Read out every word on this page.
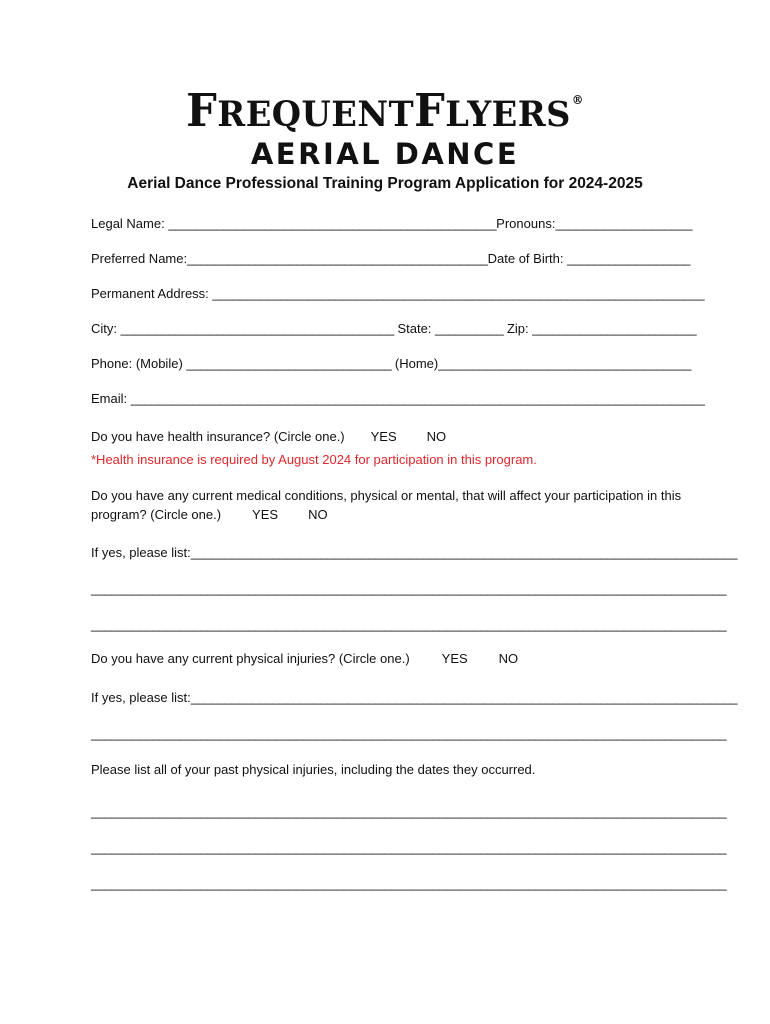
FREQUENTFLYERS®
AERIAL DANCE
Aerial Dance Professional Training Program Application for 2024-2025
Legal Name: ________________________________________________Pronouns:____________________
Preferred Name:____________________________________________Date of Birth: __________________
Permanent Address: ________________________________________________________________________
City: ________________________________________ State: __________ Zip: ________________________
Phone: (Mobile) ______________________________ (Home)_____________________________________
Email: ____________________________________________________________________________________
Do you have health insurance? (Circle one.) YES NO
*Health insurance is required by August 2024 for participation in this program.
Do you have any current medical conditions, physical or mental, that will affect your participation in this
program? (Circle one.) YES NO
If yes, please list:________________________________________________________________________________
_____________________________________________________________________________________________
_____________________________________________________________________________________________
Do you have any current physical injuries? (Circle one.) YES NO
If yes, please list:________________________________________________________________________________
_____________________________________________________________________________________________
Please list all of your past physical injuries, including the dates they occurred.
_____________________________________________________________________________________________
_____________________________________________________________________________________________
_____________________________________________________________________________________________
